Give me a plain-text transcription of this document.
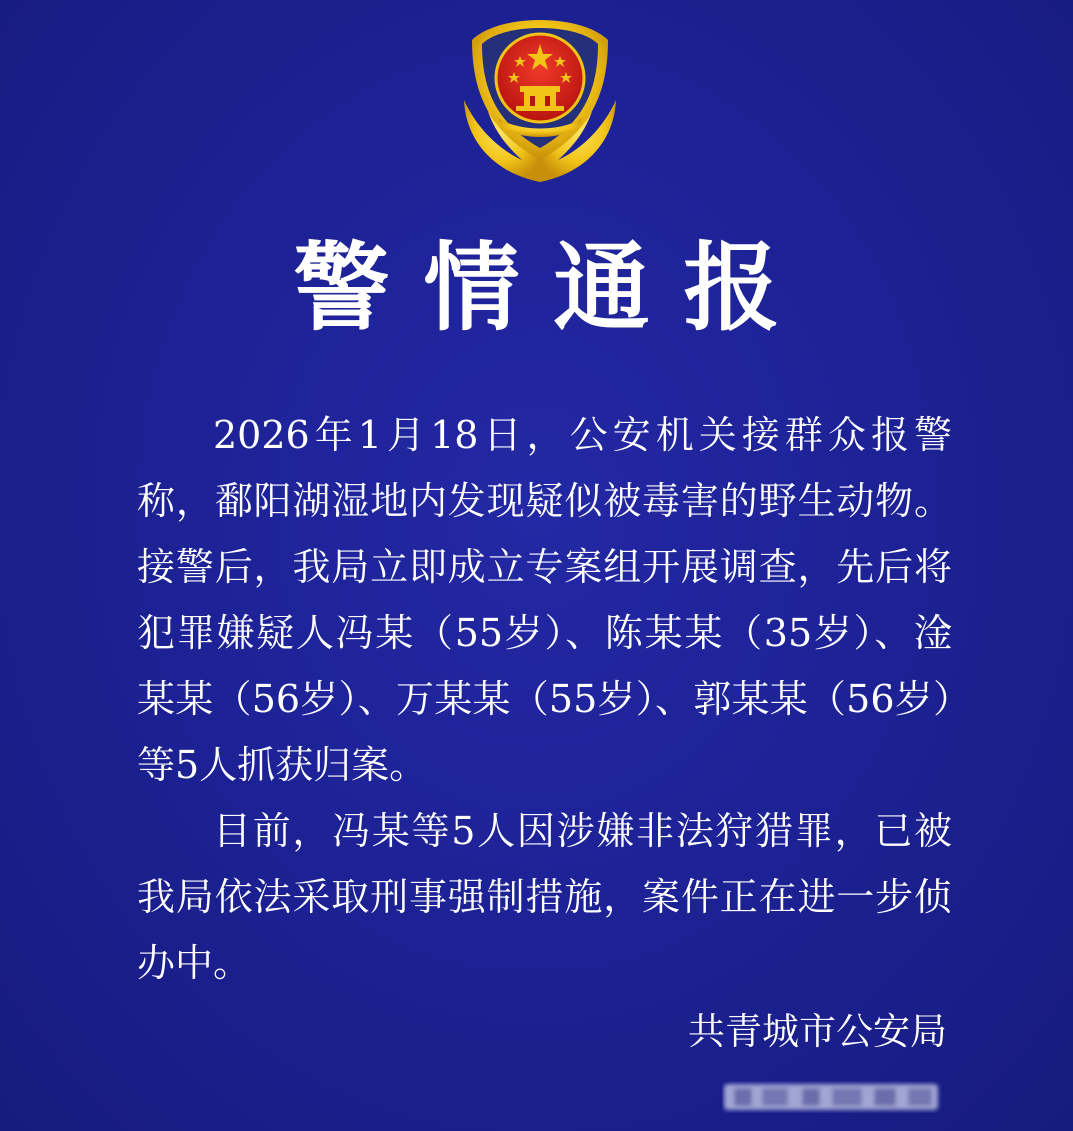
警情通报

2026年1月18日，公安机关接群众报警称，鄱阳湖湿地内发现疑似被毒害的野生动物。接警后，我局立即成立专案组开展调查，先后将犯罪嫌疑人冯某（55岁）、陈某某（35岁）、淦某某（56岁）、万某某（55岁）、郭某某（56岁）等5人抓获归案。

目前，冯某等5人因涉嫌非法狩猎罪，已被我局依法采取刑事强制措施，案件正在进一步侦办中。

共青城市公安局
